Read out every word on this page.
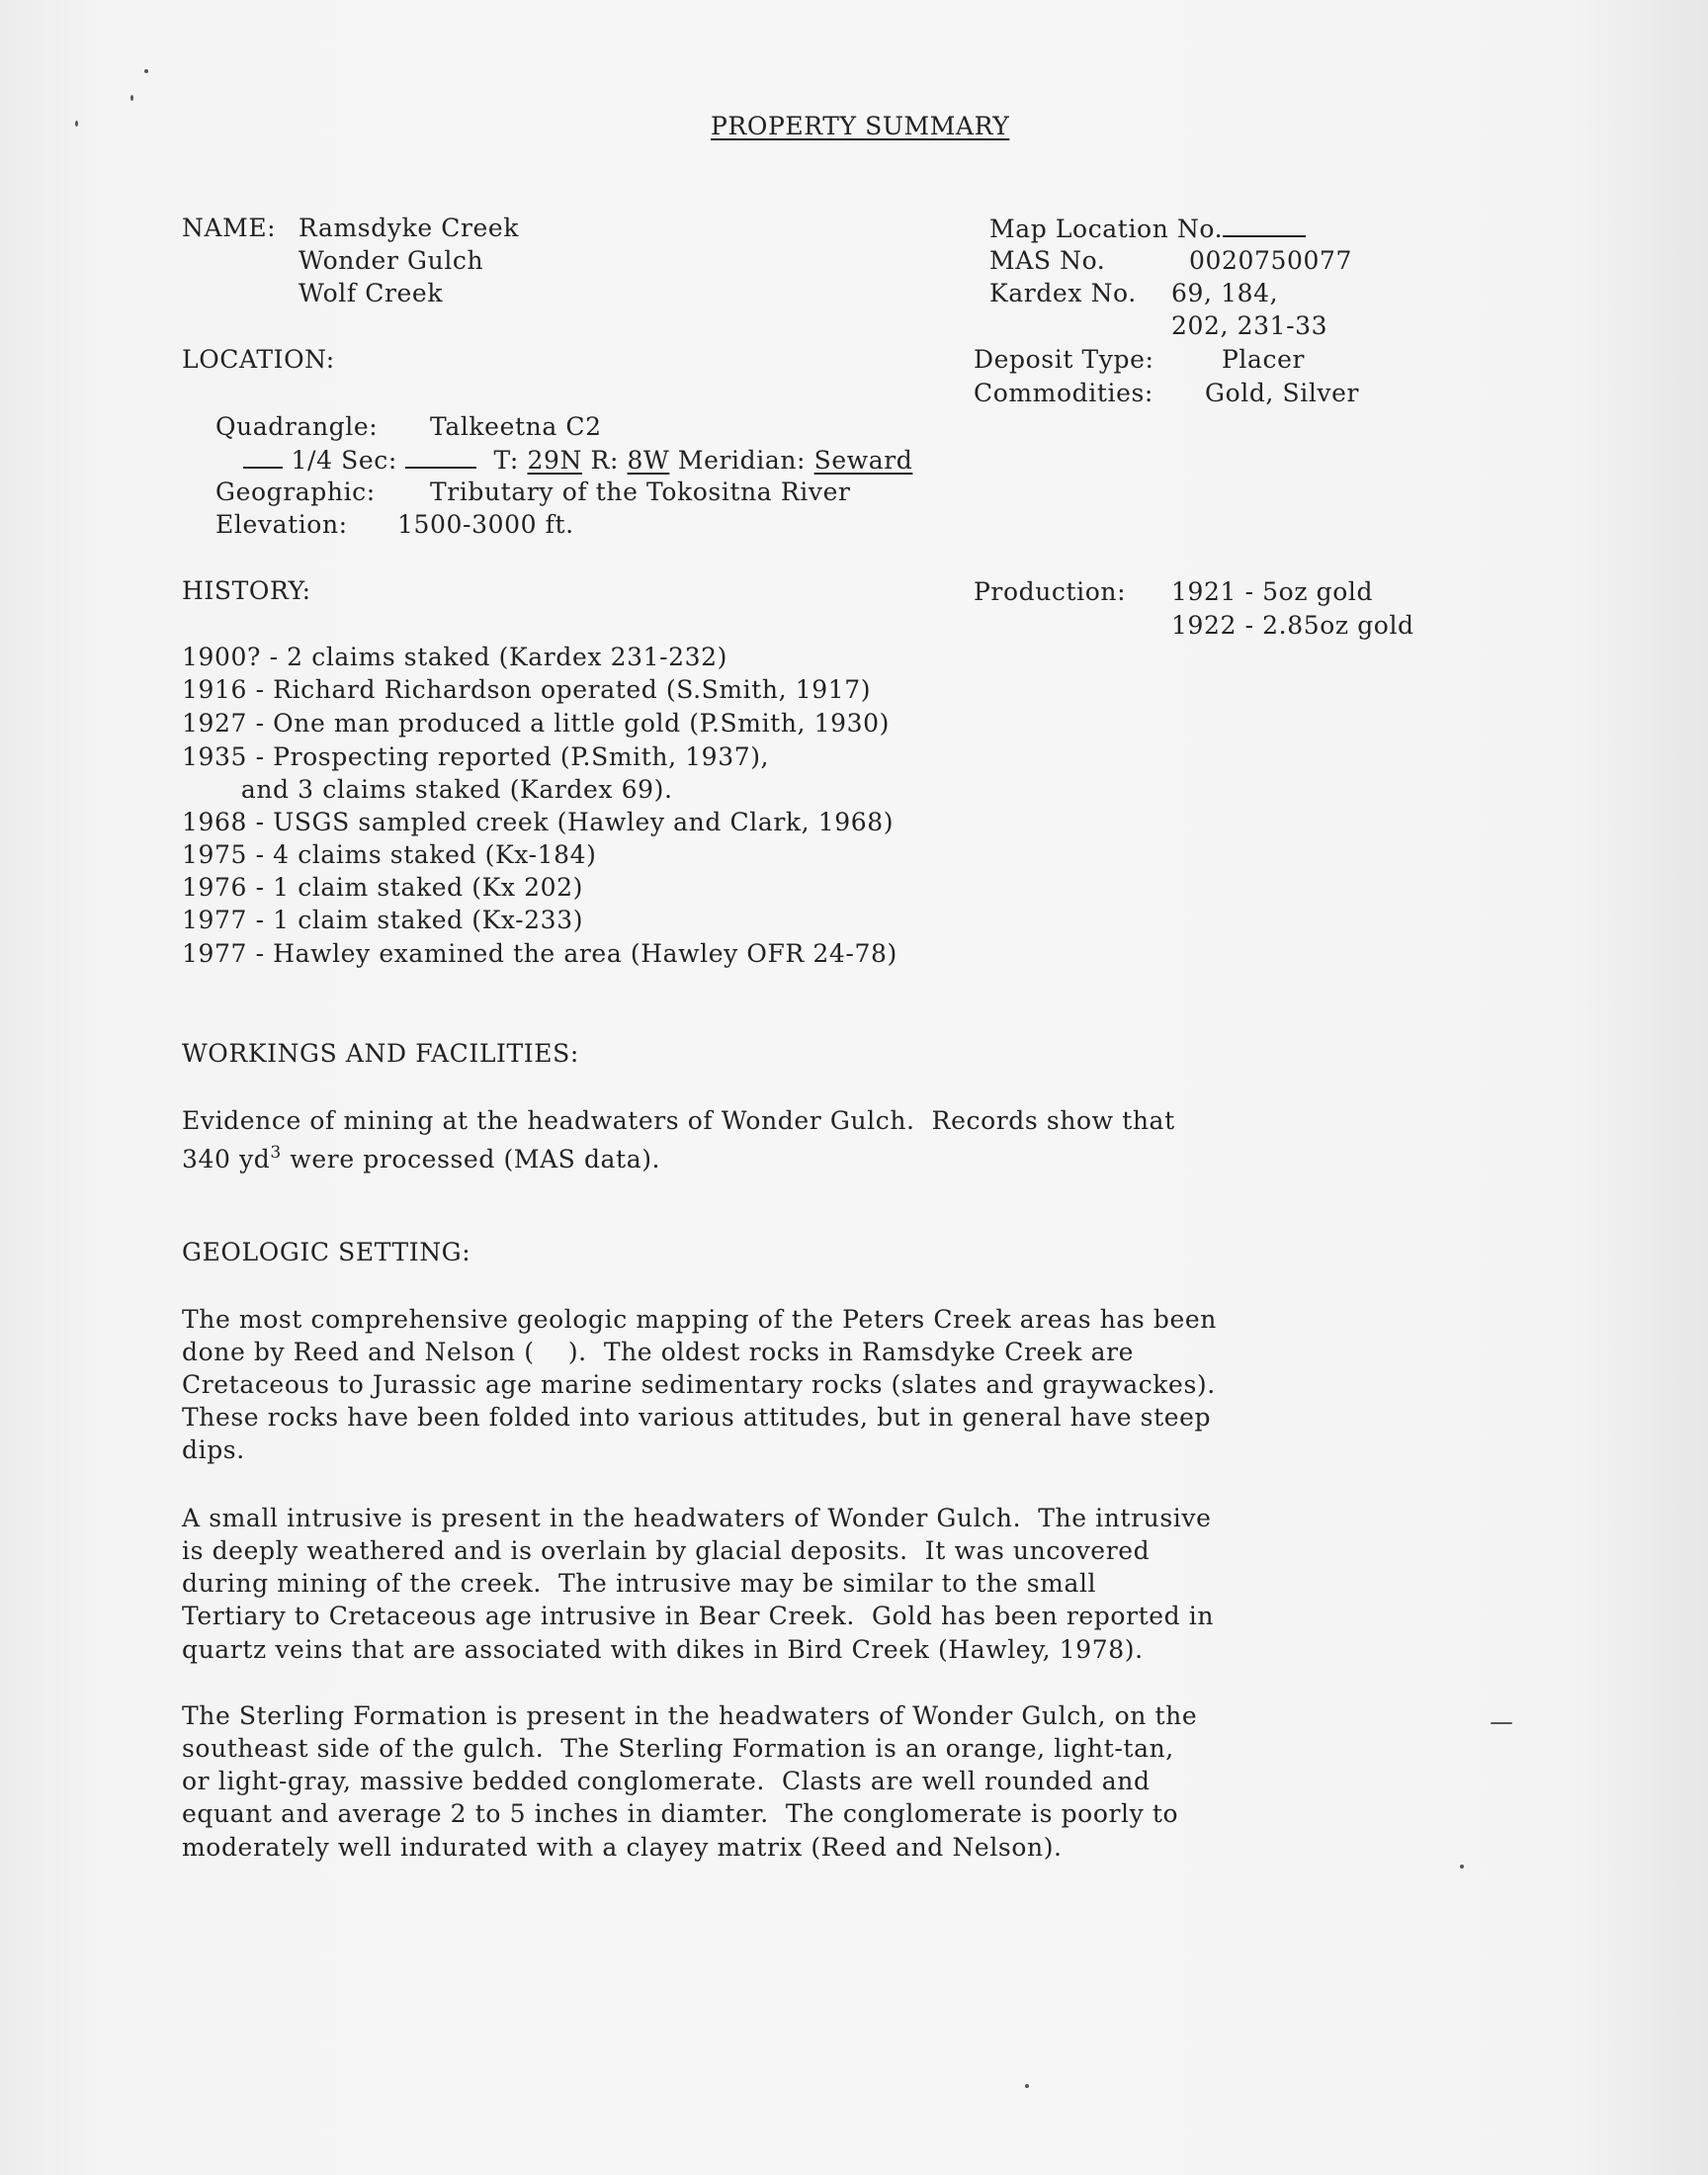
PROPERTY SUMMARY
NAME: Ramsdyke Creek
Wonder Gulch
Wolf Creek
Map Location No.
MAS No.	0020750077
Kardex No. 69, 184,
202, 231-33
Deposit Type:	Placer
Commodities: Gold, Silver
LOCATION:
Quadrangle: Talkeetna C2
1/4 Sec:	T: 29N R: 8W Meridian: Seward
Geographic: Tributary of the Tokositna River
Elevation: 1500-3000 ft.
HISTORY:	Production: 1921 - 5oz gold
1922 - 2.85oz gold
1900? - 2 claims staked (Kardex 231-232)
1916 - Richard Richardson operated (S.Smith, 1917)
1927 - One man produced a little gold (P.Smith, 1930)
1935 - Prospecting reported (P.Smith, 1937),
and 3 claims staked (Kardex 69).
1968 - USGS sampled creek (Hawley and Clark, 1968)
1975 - 4 claims staked (Kx-184)
1976 - 1 claim staked (Kx 202)
1977 - 1 claim staked (Kx-233)
1977 - Hawley examined the area (Hawley OFR 24-78)
WORKINGS AND FACILITIES:
Evidence of mining at the headwaters of Wonder Gulch.  Records show that
340 $yd^3$ were processed (MAS data).
GEOLOGIC SETTING:
The most comprehensive geologic mapping of the Peters Creek areas has been
done by Reed and Nelson (    ).  The oldest rocks in Ramsdyke Creek are
Cretaceous to Jurassic age marine sedimentary rocks (slates and graywackes).
These rocks have been folded into various attitudes, but in general have steep
dips.
A small intrusive is present in the headwaters of Wonder Gulch.  The intrusive
is deeply weathered and is overlain by glacial deposits.  It was uncovered
during mining of the creek.  The intrusive may be similar to the small
Tertiary to Cretaceous age intrusive in Bear Creek.  Gold has been reported in
quartz veins that are associated with dikes in Bird Creek (Hawley, 1978).
The Sterling Formation is present in the headwaters of Wonder Gulch, on the
southeast side of the gulch.  The Sterling Formation is an orange, light-tan,
or light-gray, massive bedded conglomerate.  Clasts are well rounded and
equant and average 2 to 5 inches in diamter.  The conglomerate is poorly to
moderately well indurated with a clayey matrix (Reed and Nelson).
